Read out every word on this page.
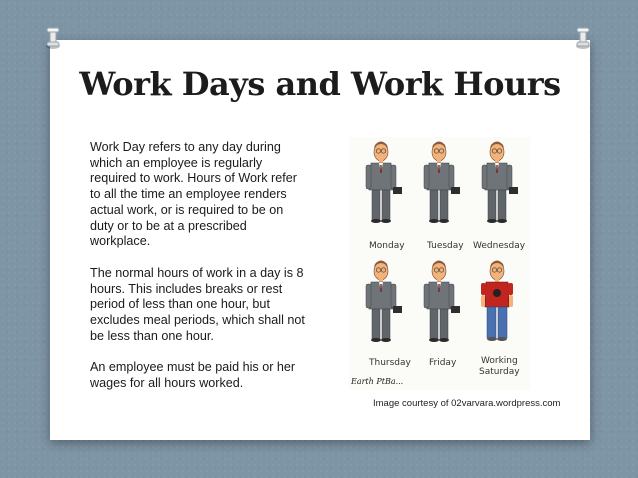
Work Days and Work Hours

Work Day refers to any day during which an employee is regularly required to work. Hours of Work refer to all the time an employee renders actual work, or is required to be on duty or to be at a prescribed workplace.

The normal hours of work in a day is 8 hours. This includes breaks or rest period of less than one hour, but excludes meal periods, which shall not be less than one hour.

An employee must be paid his or her wages for all hours worked.

Monday Tuesday Wednesday
Thursday Friday	Working
Saturday
Earth PtBa...
Image courtesy of 02varvara.wordpress.com
